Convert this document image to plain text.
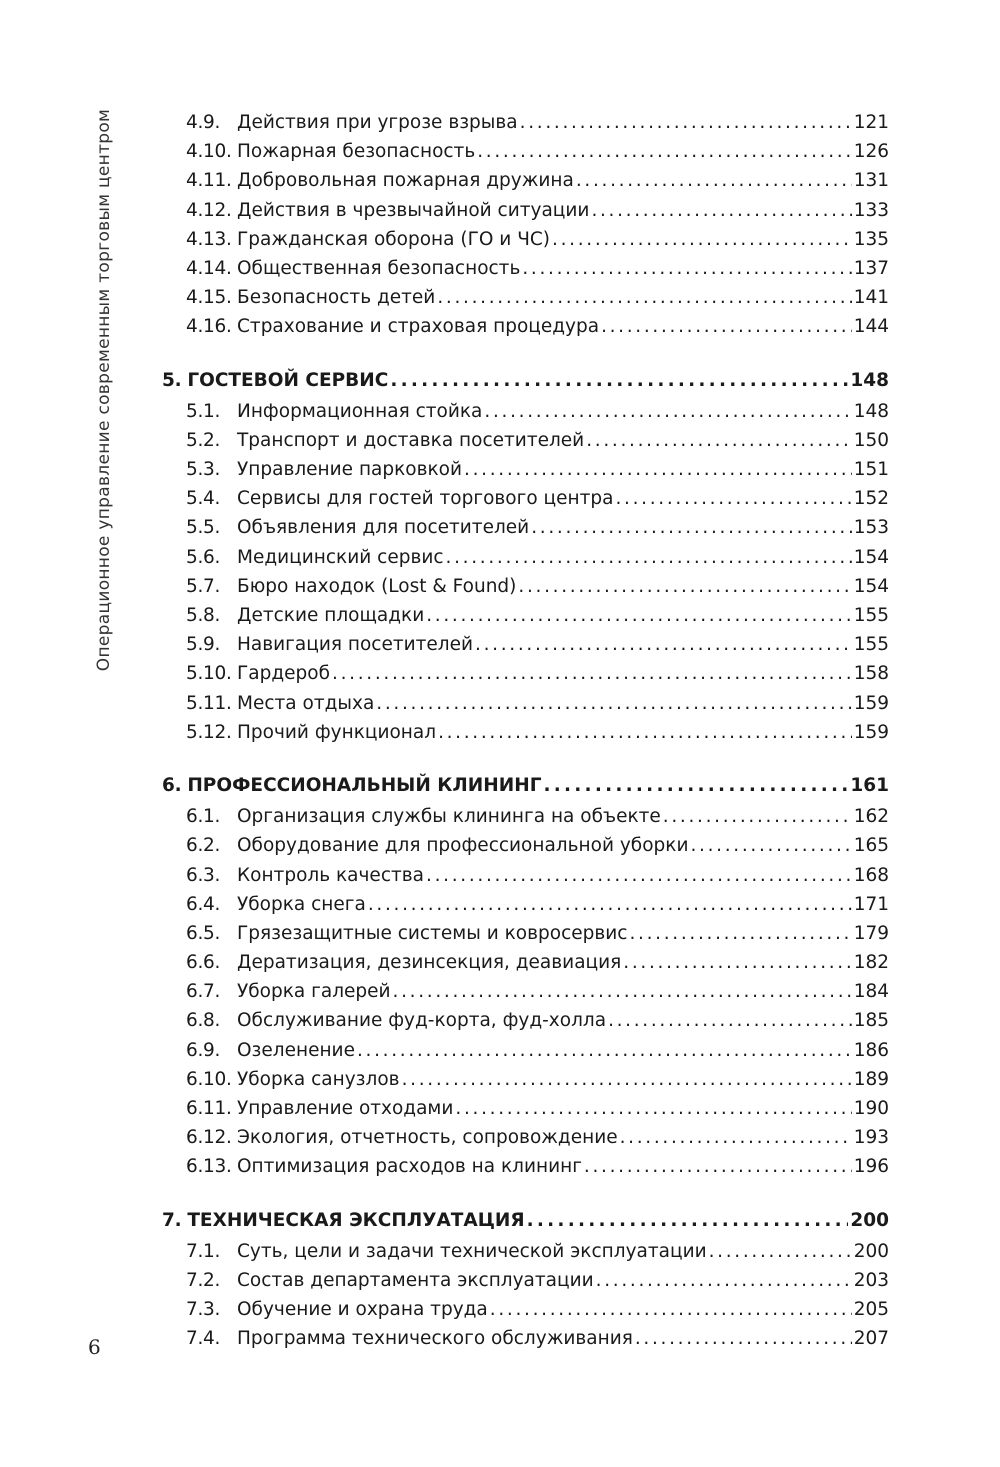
Операционное управление современным торговым центром	4.9. Действия при угрозе взрыва . . .	121
4.10. Пожарная безопасность . . .	126
4.11. Добровольная пожарная дружина . . .	131
4.12. Действия в чрезвычайной ситуации . . .	133
4.13. Гражданская оборона (ГО и ЧС) . . .	135
4.14. Общественная безопасность . . .	137
4.15. Безопасность детей . . .	141
4.16. Страхование и страховая процедура . . .	144
5. ГОСТЕВОЙ СЕРВИС . . .	148
5.1. Информационная стойка . . .	148
5.2. Транспорт и доставка посетителей . . .	150
5.3. Управление парковкой . . .	151
5.4. Сервисы для гостей торгового центра . . .	152
5.5. Объявления для посетителей . . .	153
5.6. Медицинский сервис . . .	154
5.7. Бюро находок (Lost & Found) . . .	154
5.8. Детские площадки . . .	155
5.9. Навигация посетителей . . .	155
5.10. Гардероб . . .	158
5.11. Места отдыха . . .	159
5.12. Прочий функционал . . .	159
6. ПРОФЕССИОНАЛЬНЫЙ КЛИНИНГ . . .	161
6.1. Организация службы клининга на объекте . . .	162
6.2. Оборудование для профессиональной уборки . . .	165
6.3. Контроль качества . . .	168
6.4. Уборка снега . . .	171
6.5. Грязезащитные системы и ковросервис . . .	179
6.6. Дератизация, дезинсекция, деавиация . . .	182
6.7. Уборка галерей . . .	184
6.8. Обслуживание фуд-корта, фуд-холла . . .	185
6.9. Озеленение . . .	186
6.10. Уборка санузлов . . .	189
6.11. Управление отходами . . .	190
6.12. Экология, отчетность, сопровождение . . .	193
6.13. Оптимизация расходов на клининг . . .	196
7. ТЕХНИЧЕСКАЯ ЭКСПЛУАТАЦИЯ . . .	200
7.1. Суть, цели и задачи технической эксплуатации . . .	200
7.2. Состав департамента эксплуатации . . .	203
7.3. Обучение и охрана труда . . .	205
7.4. Программа технического обслуживания . . .	207
6
